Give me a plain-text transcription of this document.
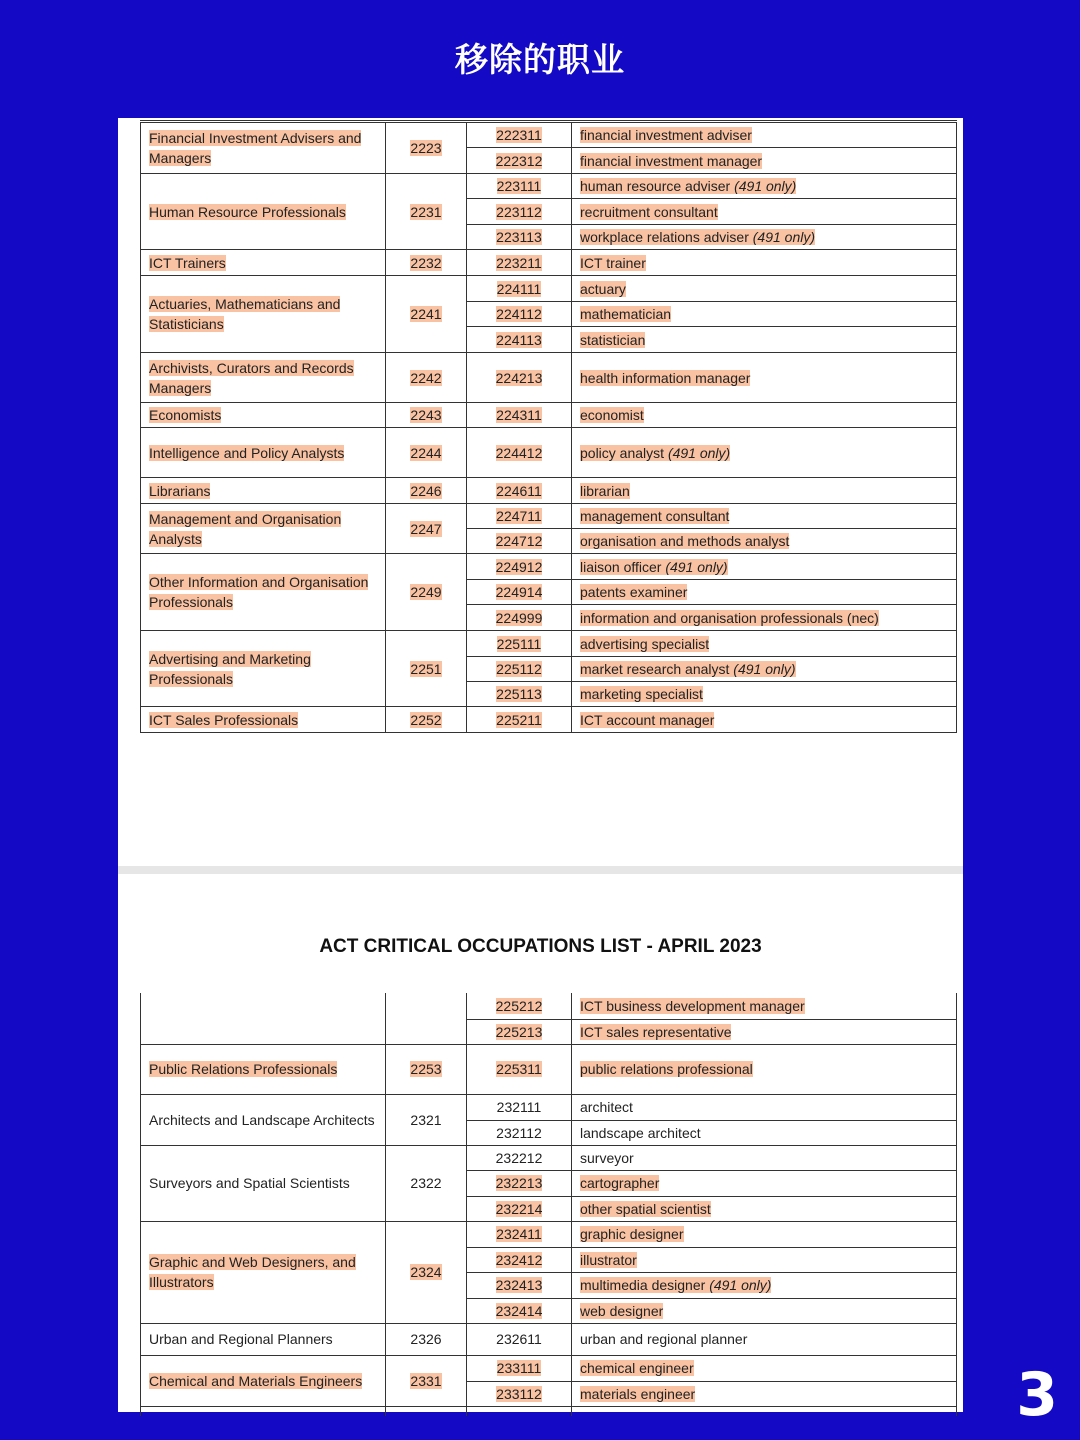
移除的职业
Financial Investment Advisers and Managers	2223	222311	financial investment adviser
		222312	financial investment manager
Human Resource Professionals	2231	223111	human resource adviser (491 only)
		223112	recruitment consultant
		223113	workplace relations adviser (491 only)
ICT Trainers	2232	223211	ICT trainer
Actuaries, Mathematicians and Statisticians	2241	224111	actuary
		224112	mathematician
		224113	statistician
Archivists, Curators and Records Managers	2242	224213	health information manager
Economists	2243	224311	economist
Intelligence and Policy Analysts	2244	224412	policy analyst (491 only)
Librarians	2246	224611	librarian
Management and Organisation Analysts	2247	224711	management consultant
		224712	organisation and methods analyst
Other Information and Organisation Professionals	2249	224912	liaison officer (491 only)
		224914	patents examiner
		224999	information and organisation professionals (nec)
Advertising and Marketing Professionals	2251	225111	advertising specialist
		225112	market research analyst (491 only)
		225113	marketing specialist
ICT Sales Professionals	2252	225211	ICT account manager
ACT CRITICAL OCCUPATIONS LIST - APRIL 2023
		225212	ICT business development manager
		225213	ICT sales representative
Public Relations Professionals	2253	225311	public relations professional
Architects and Landscape Architects	2321	232111	architect
		232112	landscape architect
Surveyors and Spatial Scientists	2322	232212	surveyor
		232213	cartographer
		232214	other spatial scientist
Graphic and Web Designers, and Illustrators	2324	232411	graphic designer
		232412	illustrator
		232413	multimedia designer (491 only)
		232414	web designer
Urban and Regional Planners	2326	232611	urban and regional planner
Chemical and Materials Engineers	2331	233111	chemical engineer
		233112	materials engineer
				3
